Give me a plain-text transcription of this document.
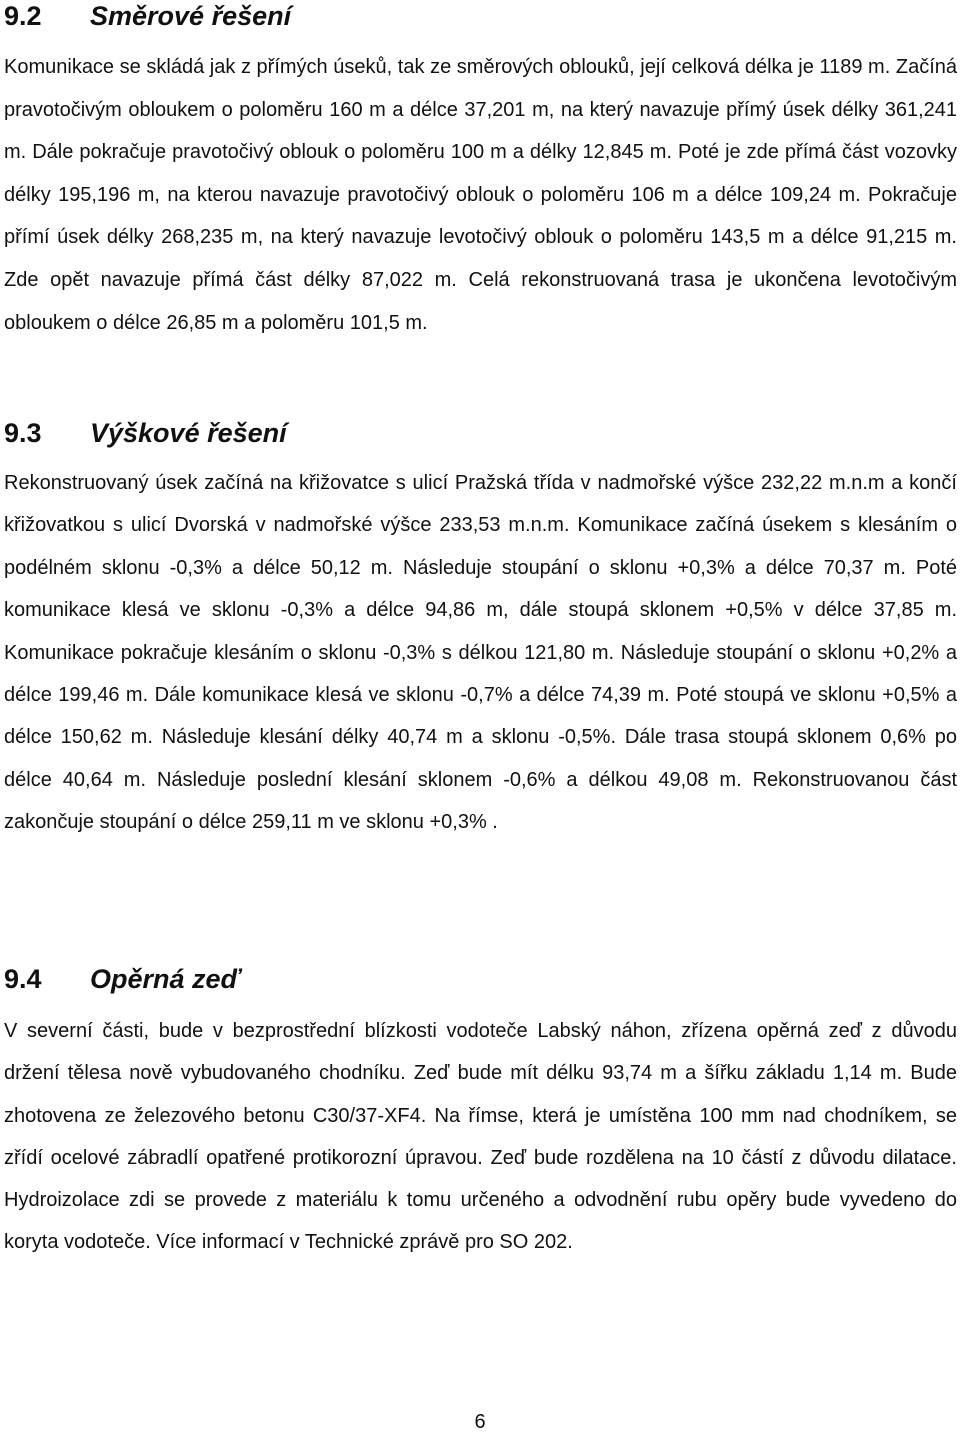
9.2 Směrové řešení

Komunikace se skládá jak z přímých úseků, tak ze směrových oblouků, její celková délka je 1189 m. Začíná pravotočivým obloukem o poloměru 160 m a délce 37,201 m, na který navazuje přímý úsek délky 361,241 m. Dále pokračuje pravotočivý oblouk o poloměru 100 m a délky 12,845 m. Poté je zde přímá část vozovky délky 195,196 m, na kterou navazuje pravotočivý oblouk o poloměru 106 m a délce 109,24 m. Pokračuje přímí úsek délky 268,235 m, na který navazuje levotočivý oblouk o poloměru 143,5 m a délce 91,215 m. Zde opět navazuje přímá část délky 87,022 m. Celá rekonstruovaná trasa je ukončena levotočivým obloukem o délce 26,85 m a poloměru 101,5 m.

9.3 Výškové řešení

Rekonstruovaný úsek začíná na křižovatce s ulicí Pražská třída v nadmořské výšce 232,22 m.n.m a končí křižovatkou s ulicí Dvorská v nadmořské výšce 233,53 m.n.m. Komunikace začíná úsekem s klesáním o podélném sklonu -0,3% a délce 50,12 m. Následuje stoupání o sklonu +0,3% a délce 70,37 m. Poté komunikace klesá ve sklonu -0,3% a délce 94,86 m, dále stoupá sklonem +0,5% v délce 37,85 m. Komunikace pokračuje klesáním o sklonu -0,3% s délkou 121,80 m. Následuje stoupání o sklonu +0,2% a délce 199,46 m. Dále komunikace klesá ve sklonu -0,7% a délce 74,39 m. Poté stoupá ve sklonu +0,5% a délce 150,62 m. Následuje klesání délky 40,74 m a sklonu -0,5%. Dále trasa stoupá sklonem 0,6% po délce 40,64 m. Následuje poslední klesání sklonem -0,6% a délkou 49,08 m. Rekonstruovanou část zakončuje stoupání o délce 259,11 m ve sklonu +0,3% .

9.4 Opěrná zeď

V severní části, bude v bezprostřední blízkosti vodoteče Labský náhon, zřízena opěrná zeď z důvodu držení tělesa nově vybudovaného chodníku. Zeď bude mít délku 93,74 m a šířku základu 1,14 m. Bude zhotovena ze železového betonu C30/37-XF4. Na římse, která je umístěna 100 mm nad chodníkem, se zřídí ocelové zábradlí opatřené protikorozní úpravou. Zeď bude rozdělena na 10 částí z důvodu dilatace. Hydroizolace zdi se provede z materiálu k tomu určeného a odvodnění rubu opěry bude vyvedeno do koryta vodoteče. Více informací v Technické zprávě pro SO 202.

6
